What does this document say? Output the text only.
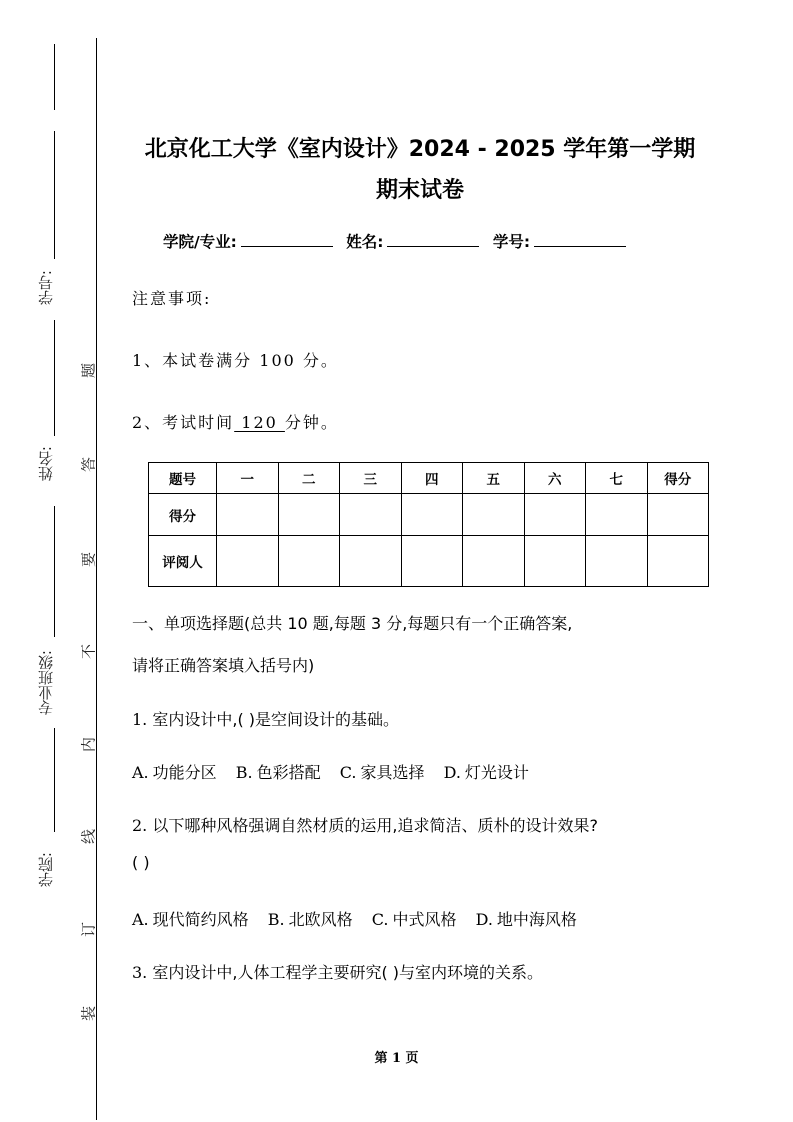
学号:
姓名:
专业班级:
学院:
题
答
要
不
内
线
订
装
北京化工大学《室内设计》2024 - 2025 学年第一学期
期末试卷
学院/专业:	姓名:	学号:
注意事项:
1、本试卷满分 100 分。
2、考试时间 120 分钟。
题号	一	二	三	四	五	六	七	得分
得分								
评阅人								
一、单项选择题(总共 10 题,每题 3 分,每题只有一个正确答案,
请将正确答案填入括号内)
1. 室内设计中,( )是空间设计的基础。
A. 功能分区 B. 色彩搭配 C. 家具选择 D. 灯光设计
2. 以下哪种风格强调自然材质的运用,追求简洁、质朴的设计效果?
( )
A. 现代简约风格 B. 北欧风格 C. 中式风格 D. 地中海风格
3. 室内设计中,人体工程学主要研究( )与室内环境的关系。
第 1 页
